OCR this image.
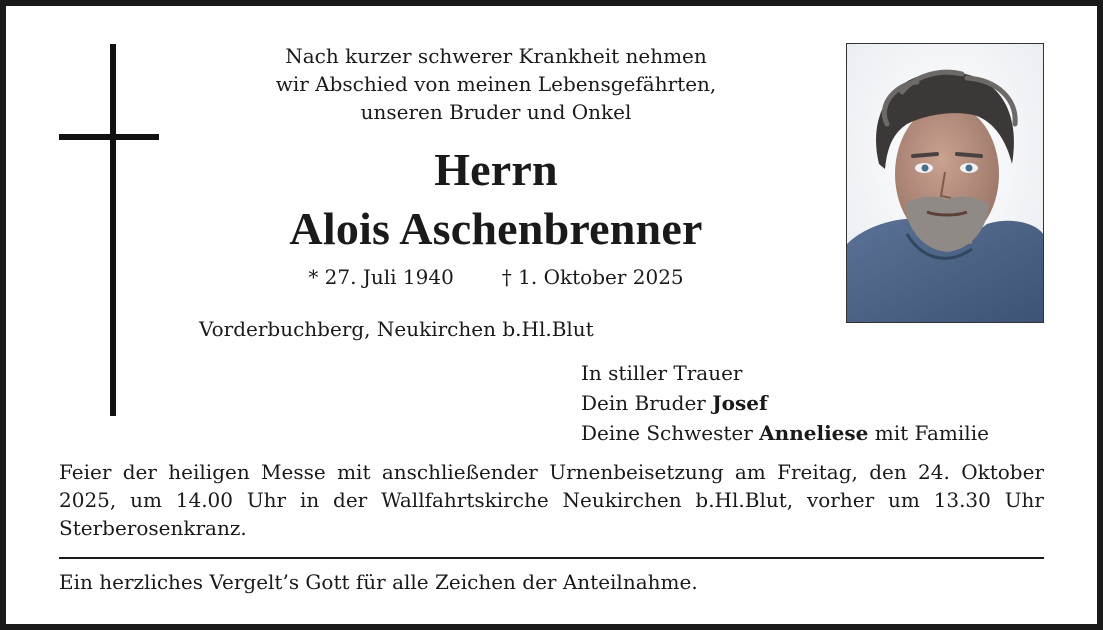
Nach kurzer schwerer Krankheit nehmen
wir Abschied von meinen Lebensgefährten,
unseren Bruder und Onkel
Herrn
Alois Aschenbrenner
* 27. Juli 1940 † 1. Oktober 2025
Vorderbuchberg, Neukirchen b.Hl.Blut
In stiller Trauer
Dein Bruder Josef
Deine Schwester Anneliese mit Familie
Feier der heiligen Messe mit anschließender Urnenbeisetzung am Freitag, den 24. Oktober 2025, um 14.00 Uhr in der Wallfahrtskirche Neukirchen b.Hl.Blut, vorher um 13.30 Uhr Sterberosenkranz.
Ein herzliches Vergelt’s Gott für alle Zeichen der Anteilnahme.
